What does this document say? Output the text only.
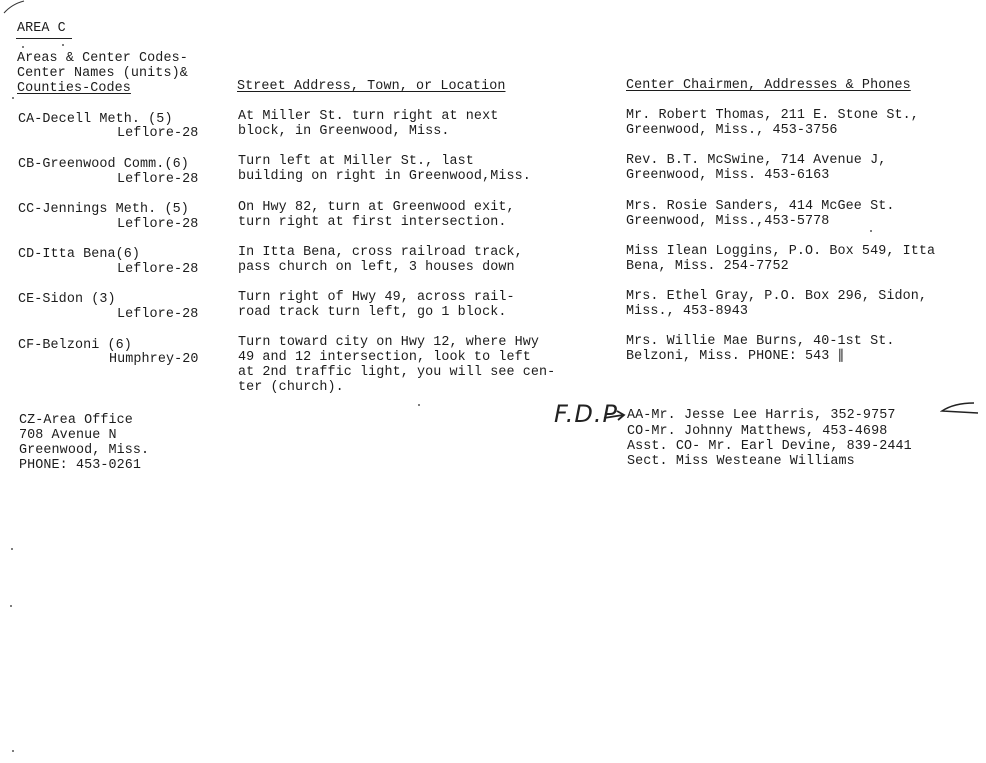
AREA C
Areas & Center Codes-
Center Names (units)&
Counties-Codes	Street Address, Town, or Location	Center Chairmen, Addresses & Phones
CA-Decell Meth. (5)
Leflore-28
At Miller St. turn right at next
block, in Greenwood, Miss.
Mr. Robert Thomas, 211 E. Stone St.,
Greenwood, Miss., 453-3756
CB-Greenwood Comm.(6)
Leflore-28
Turn left at Miller St., last
building on right in Greenwood,Miss.
Rev. B.T. McSwine, 714 Avenue J,
Greenwood, Miss. 453-6163
CC-Jennings Meth. (5)
Leflore-28
On Hwy 82, turn at Greenwood exit,
turn right at first intersection.
Mrs. Rosie Sanders, 414 McGee St.
Greenwood, Miss.,453-5778
CD-Itta Bena(6)
Leflore-28
In Itta Bena, cross railroad track,
pass church on left, 3 houses down
Miss Ilean Loggins, P.O. Box 549, Itta
Bena, Miss. 254-7752
CE-Sidon (3)
Leflore-28
Turn right of Hwy 49, across rail-
road track turn left, go 1 block.
Mrs. Ethel Gray, P.O. Box 296, Sidon,
Miss., 453-8943
CF-Belzoni (6)
Humphrey-20
Turn toward city on Hwy 12, where Hwy
49 and 12 intersection, look to left
at 2nd traffic light, you will see cen-
ter (church).
Mrs. Willie Mae Burns, 40-1st St.
Belzoni, Miss. PHONE: 543 ∥
CZ-Area Office
708 Avenue N
Greenwood, Miss.
PHONE: 453-0261
F.D.P AA-Mr. Jesse Lee Harris, 352-9757
CO-Mr. Johnny Matthews, 453-4698
Asst. CO- Mr. Earl Devine, 839-2441
Sect. Miss Westeane Williams
